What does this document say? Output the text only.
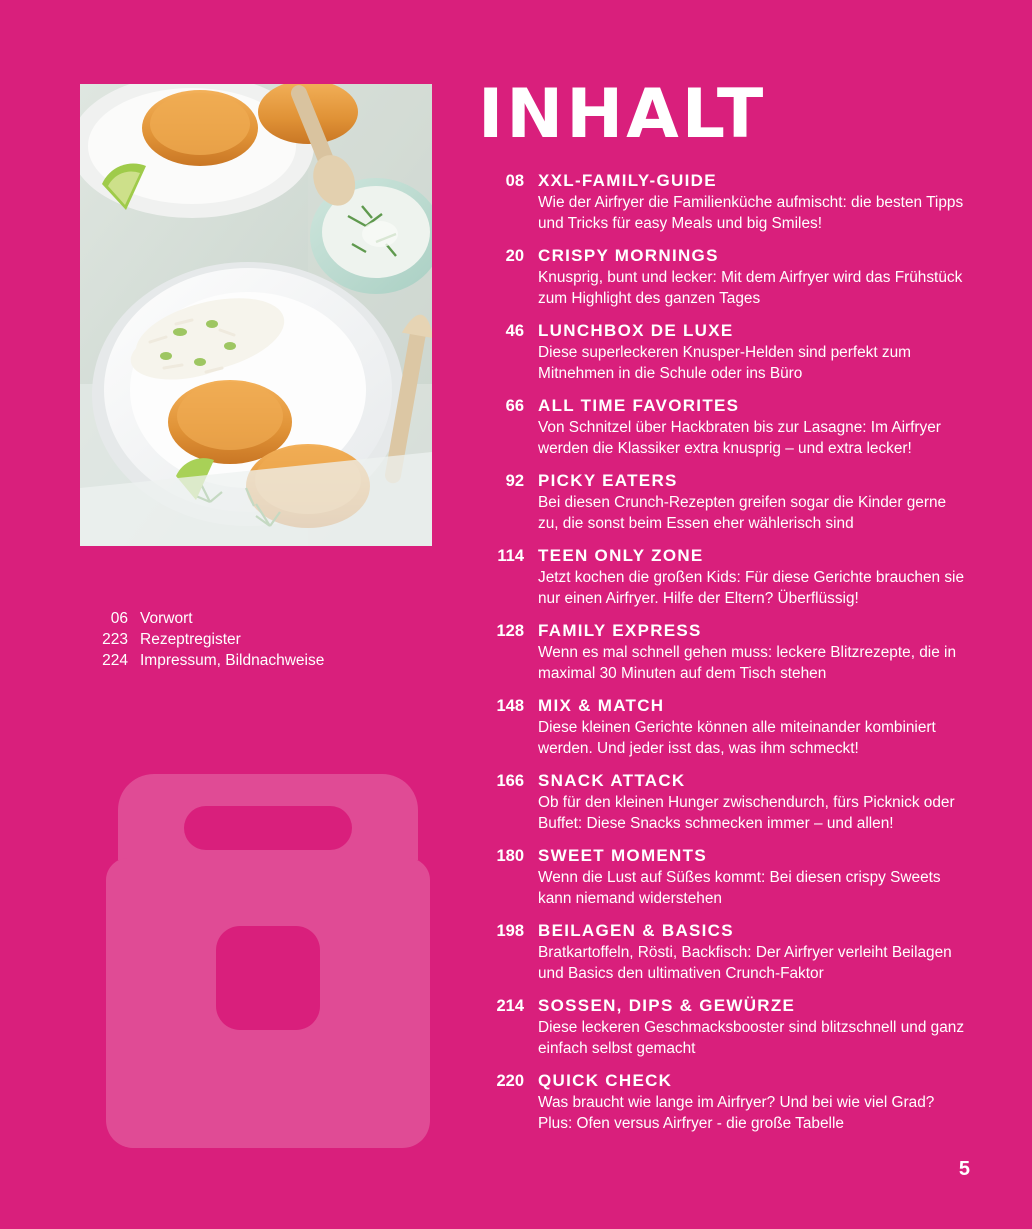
06 Vorwort
223 Rezeptregister
224 Impressum, Bildnachweise
INHALT
08 XXL-FAMILY-GUIDE
Wie der Airfryer die Familienküche aufmischt: die besten Tipps und Tricks für easy Meals und big Smiles!
20 CRISPY MORNINGS
Knusprig, bunt und lecker: Mit dem Airfryer wird das Frühstück zum Highlight des ganzen Tages
46 LUNCHBOX DE LUXE
Diese superleckeren Knusper-Helden sind perfekt zum Mitnehmen in die Schule oder ins Büro
66 ALL TIME FAVORITES
Von Schnitzel über Hackbraten bis zur Lasagne: Im Airfryer werden die Klassiker extra knusprig – und extra lecker!
92 PICKY EATERS
Bei diesen Crunch-Rezepten greifen sogar die Kinder gerne zu, die sonst beim Essen eher wählerisch sind
114 TEEN ONLY ZONE
Jetzt kochen die großen Kids: Für diese Gerichte brauchen sie nur einen Airfryer. Hilfe der Eltern? Überflüssig!
128 FAMILY EXPRESS
Wenn es mal schnell gehen muss: leckere Blitzrezepte, die in maximal 30 Minuten auf dem Tisch stehen
148 MIX & MATCH
Diese kleinen Gerichte können alle miteinander kombiniert werden. Und jeder isst das, was ihm schmeckt!
166 SNACK ATTACK
Ob für den kleinen Hunger zwischendurch, fürs Picknick oder Buffet: Diese Snacks schmecken immer – und allen!
180 SWEET MOMENTS
Wenn die Lust auf Süßes kommt: Bei diesen crispy Sweets kann niemand widerstehen
198 BEILAGEN & BASICS
Bratkartoffeln, Rösti, Backfisch: Der Airfryer verleiht Beilagen und Basics den ultimativen Crunch-Faktor
214 SOSSEN, DIPS & GEWÜRZE
Diese leckeren Geschmacksbooster sind blitzschnell und ganz einfach selbst gemacht
220 QUICK CHECK
Was braucht wie lange im Airfryer? Und bei wie viel Grad? Plus: Ofen versus Airfryer - die große Tabelle
5
